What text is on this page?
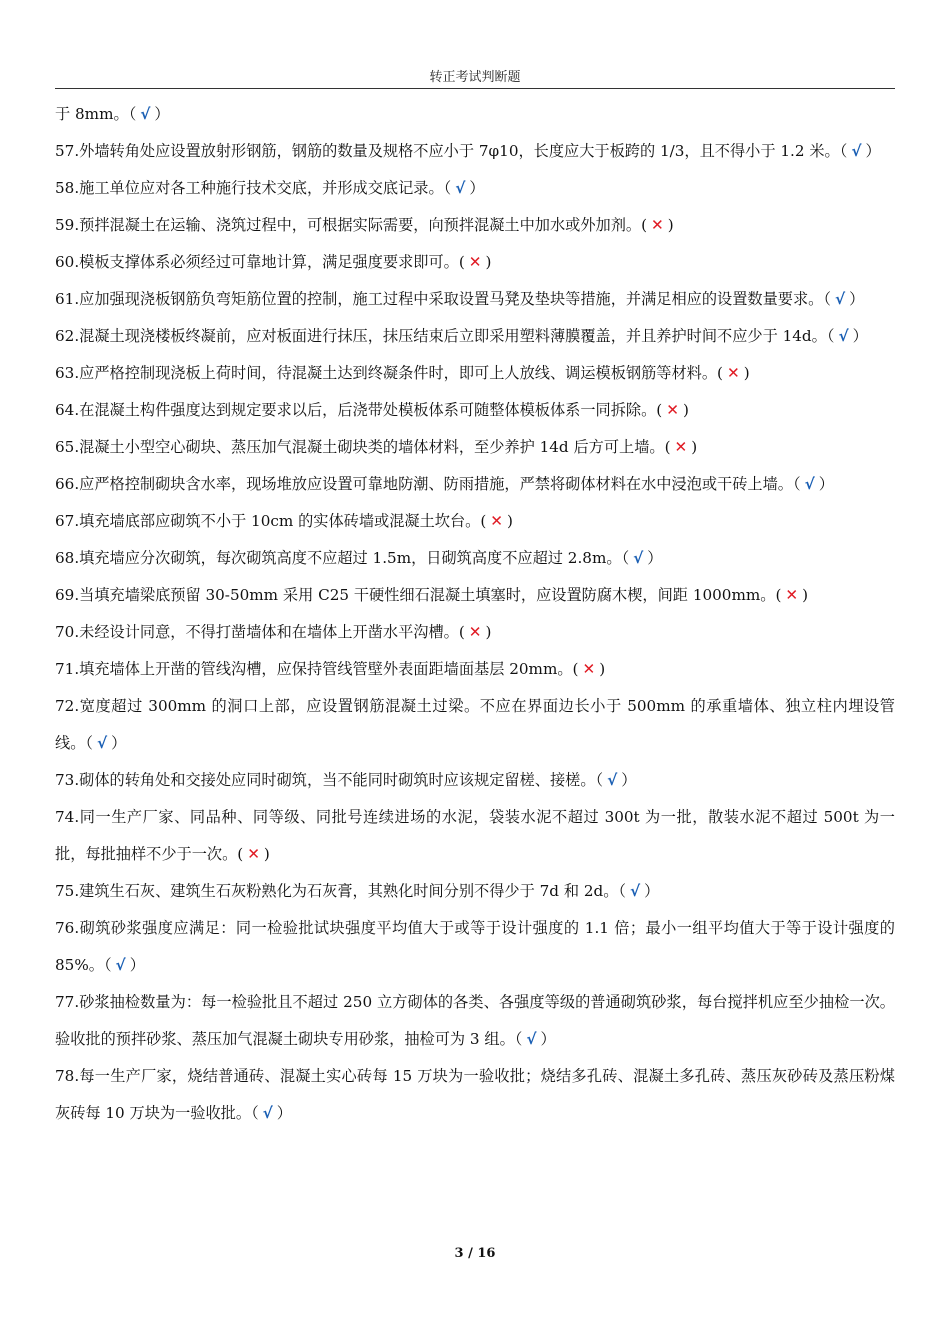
转正考试判断题
于 8mm。（ √ ）
57.外墙转角处应设置放射形钢筋，钢筋的数量及规格不应小于 7φ10，长度应大于板跨的 1/3，且不得小于 1.2 米。（ √ ）
58.施工单位应对各工种施行技术交底，并形成交底记录。（ √ ）
59.预拌混凝土在运输、浇筑过程中，可根据实际需要，向预拌混凝土中加水或外加剂。( ✕ )
60.模板支撑体系必须经过可靠地计算，满足强度要求即可。( ✕ )
61.应加强现浇板钢筋负弯矩筋位置的控制，施工过程中采取设置马凳及垫块等措施，并满足相应的设置数量要求。（ √ ）
62.混凝土现浇楼板终凝前，应对板面进行抹压，抹压结束后立即采用塑料薄膜覆盖，并且养护时间不应少于 14d。（ √ ）
63.应严格控制现浇板上荷时间，待混凝土达到终凝条件时，即可上人放线、调运模板钢筋等材料。( ✕ )
64.在混凝土构件强度达到规定要求以后，后浇带处模板体系可随整体模板体系一同拆除。( ✕ )
65.混凝土小型空心砌块、蒸压加气混凝土砌块类的墙体材料，至少养护 14d 后方可上墙。( ✕ )
66.应严格控制砌块含水率，现场堆放应设置可靠地防潮、防雨措施，严禁将砌体材料在水中浸泡或干砖上墙。（ √ ）
67.填充墙底部应砌筑不小于 10cm 的实体砖墙或混凝土坎台。( ✕ )
68.填充墙应分次砌筑，每次砌筑高度不应超过 1.5m，日砌筑高度不应超过 2.8m。（ √ ）
69.当填充墙梁底预留 30-50mm 采用 C25 干硬性细石混凝土填塞时，应设置防腐木楔，间距 1000mm。( ✕ )
70.未经设计同意，不得打凿墙体和在墙体上开凿水平沟槽。( ✕ )
71.填充墙体上开凿的管线沟槽，应保持管线管壁外表面距墙面基层 20mm。( ✕ )
72.宽度超过 300mm 的洞口上部，应设置钢筋混凝土过梁。不应在界面边长小于 500mm 的承重墙体、独立柱内埋设管线。（ √ ）
73.砌体的转角处和交接处应同时砌筑，当不能同时砌筑时应该规定留槎、接槎。（ √ ）
74.同一生产厂家、同品种、同等级、同批号连续进场的水泥，袋装水泥不超过 300t 为一批，散装水泥不超过 500t 为一批，每批抽样不少于一次。( ✕ )
75.建筑生石灰、建筑生石灰粉熟化为石灰膏，其熟化时间分别不得少于 7d 和 2d。（ √ ）
76.砌筑砂浆强度应满足：同一检验批试块强度平均值大于或等于设计强度的 1.1 倍；最小一组平均值大于等于设计强度的 85%。（ √ ）
77.砂浆抽检数量为：每一检验批且不超过 250 立方砌体的各类、各强度等级的普通砌筑砂浆，每台搅拌机应至少抽检一次。验收批的预拌砂浆、蒸压加气混凝土砌块专用砂浆，抽检可为 3 组。（ √ ）
78.每一生产厂家，烧结普通砖、混凝土实心砖每 15 万块为一验收批；烧结多孔砖、混凝土多孔砖、蒸压灰砂砖及蒸压粉煤灰砖每 10 万块为一验收批。（ √ ）
3 / 16
